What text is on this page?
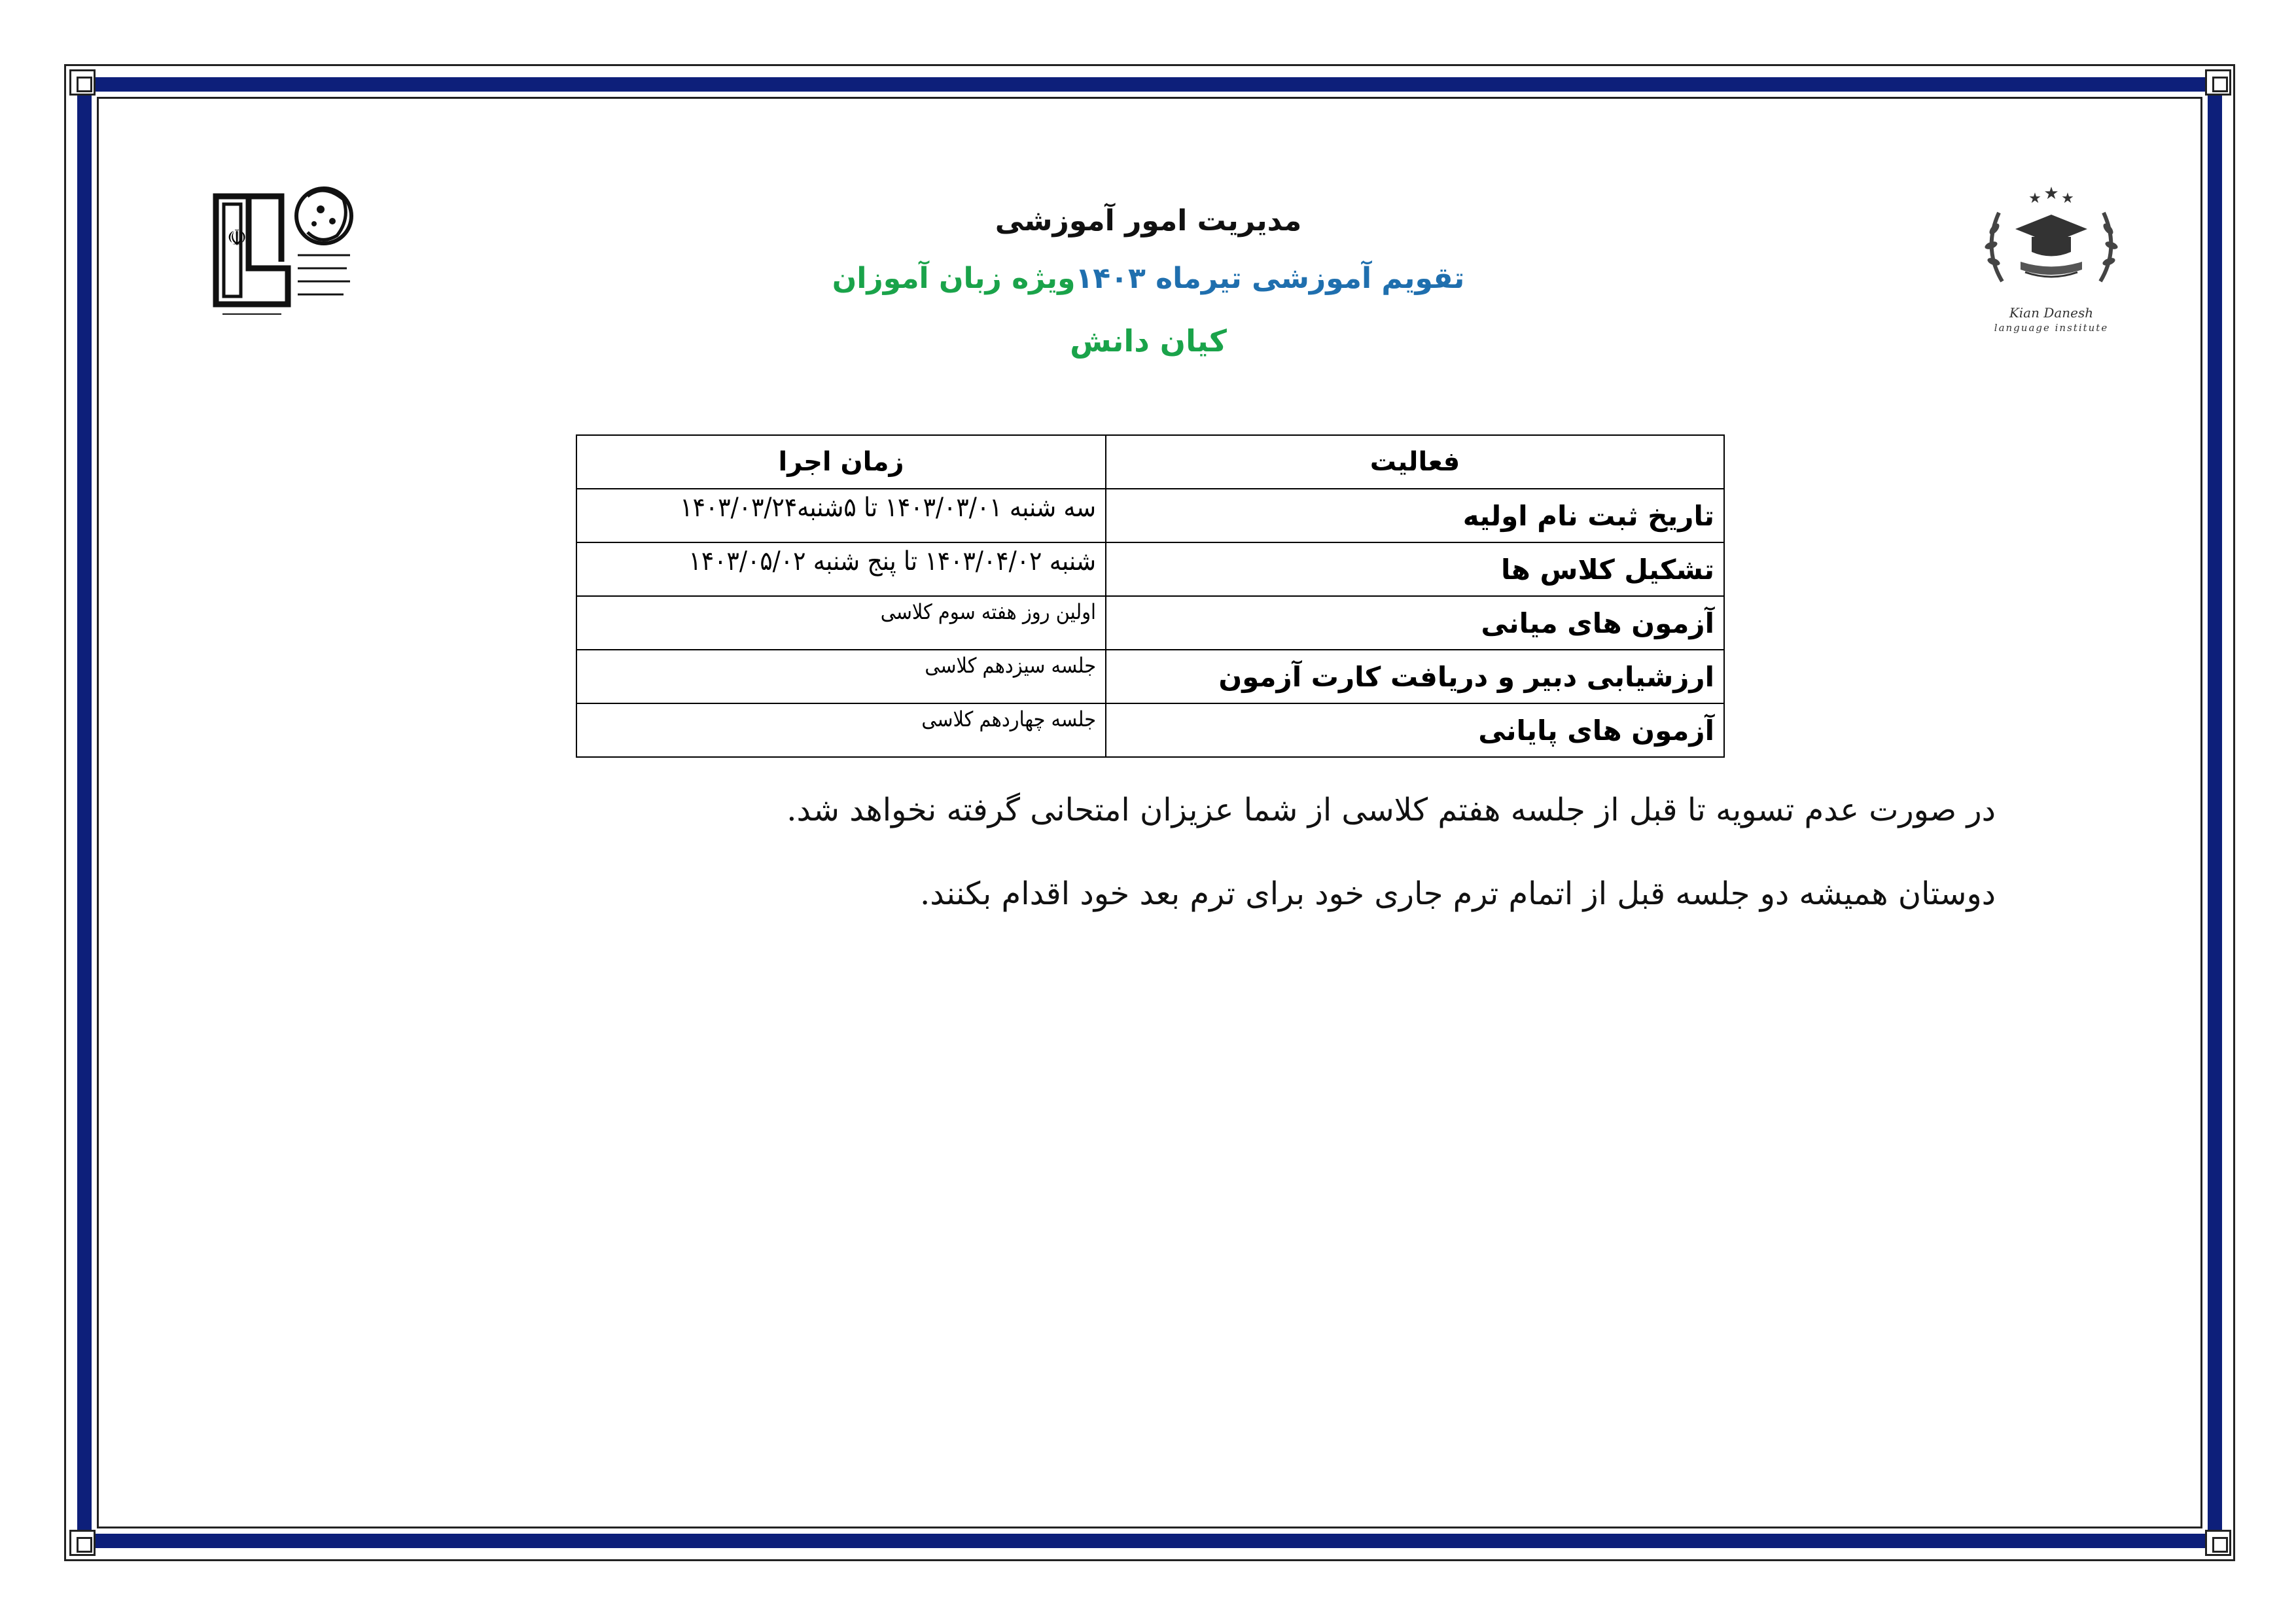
☫
★ ★ ★
Kian Danesh
language institute
مدیریت امور آموزشی
تقویم آموزشی تیرماه ۱۴۰۳ویژه زبان آموزان
کیان دانش
فعالیت	زمان اجرا
تاریخ ثبت نام اولیه	سه شنبه ۱۴۰۳/۰۳/۰۱ تا ۵شنبه۱۴۰۳/۰۳/۲۴
تشکیل کلاس ها	شنبه ۱۴۰۳/۰۴/۰۲ تا پنج شنبه ۱۴۰۳/۰۵/۰۲
آزمون های میانی	اولین روز هفته سوم کلاسی
ارزشیابی دبیر و دریافت کارت آزمون	جلسه سیزدهم کلاسی
آزمون های پایانی	جلسه چهاردهم کلاسی
در صورت عدم تسویه تا قبل از جلسه هفتم کلاسی از شما عزیزان امتحانی گرفته نخواهد شد.
دوستان همیشه دو جلسه قبل از اتمام ترم جاری خود برای ترم بعد خود اقدام بکنند.
